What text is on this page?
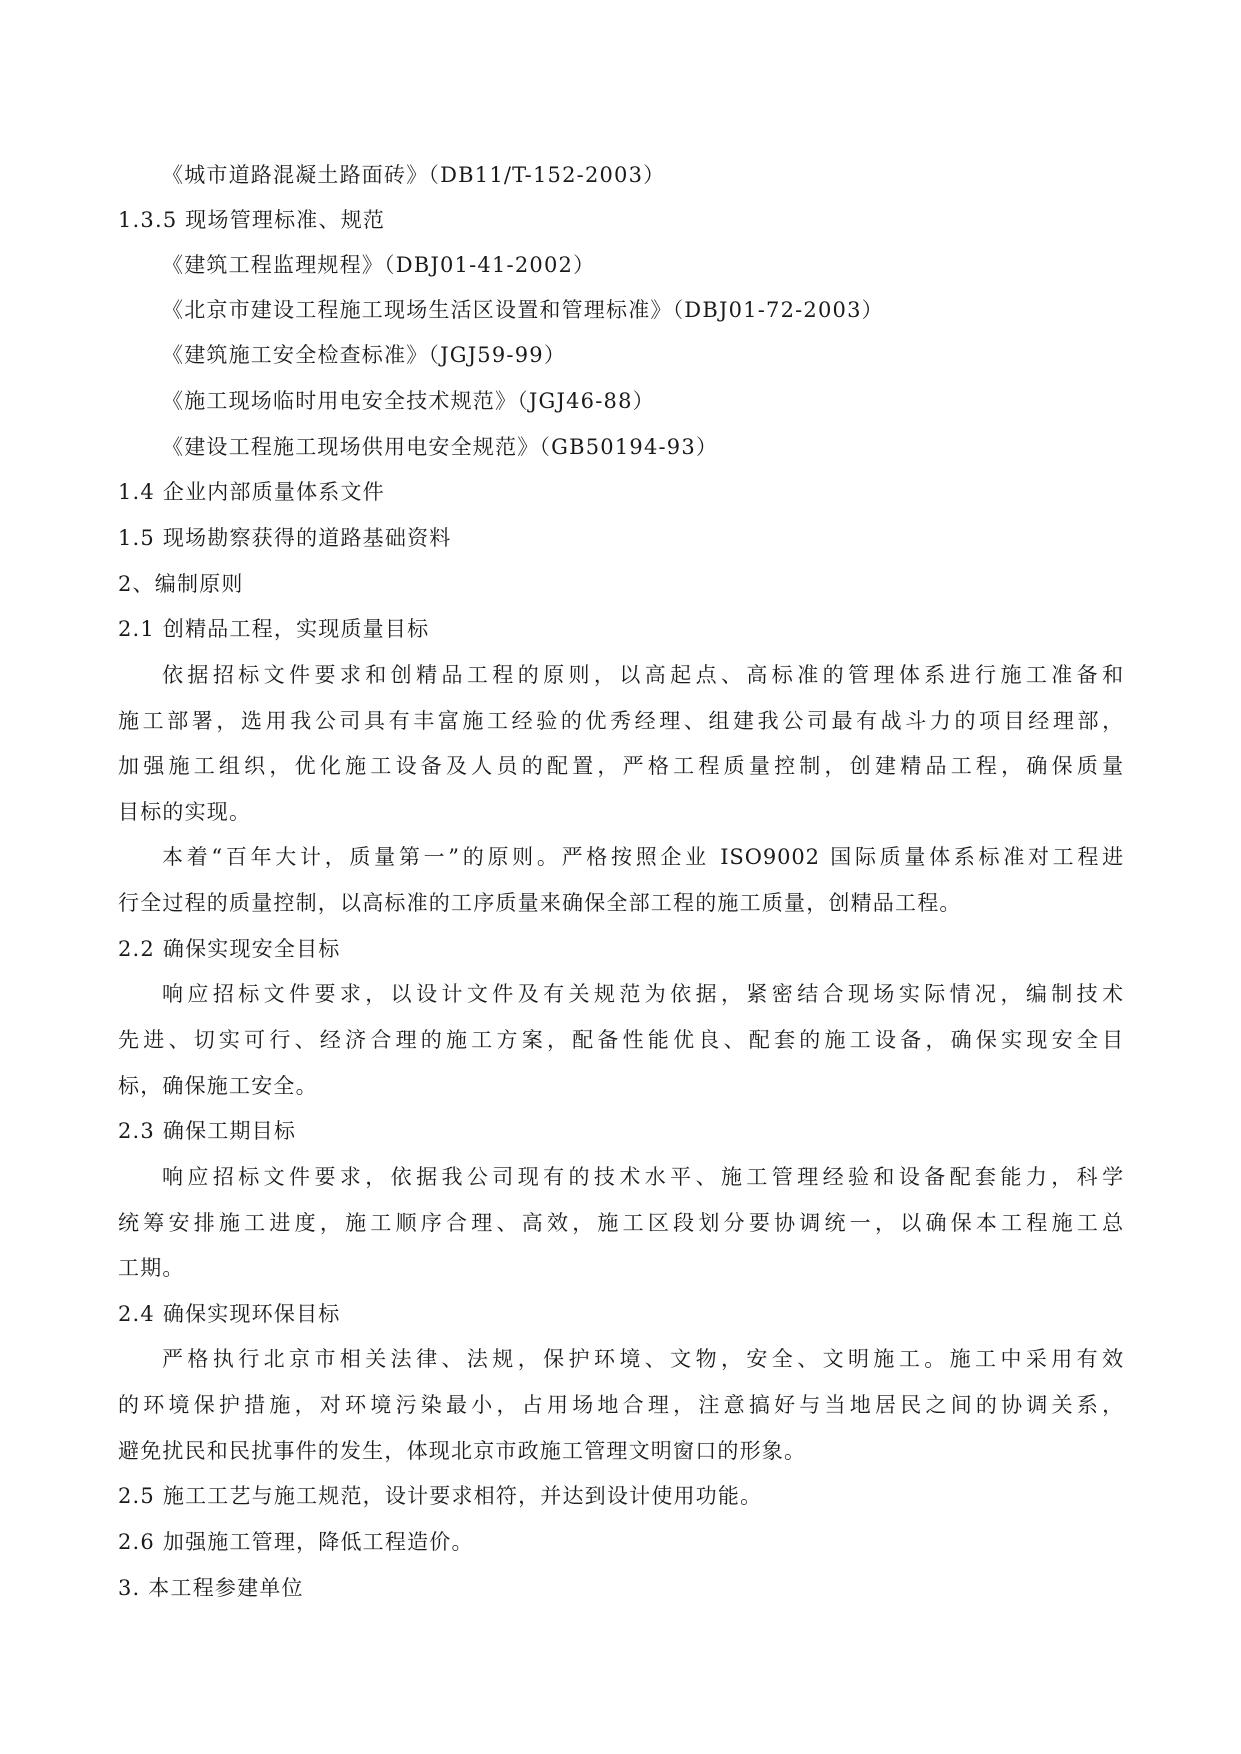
《城市道路混凝土路面砖》（DB11/T-152-2003）
1.3.5 现场管理标准、规范
《建筑工程监理规程》（DBJ01-41-2002）
《北京市建设工程施工现场生活区设置和管理标准》（DBJ01-72-2003）
《建筑施工安全检查标准》（JGJ59-99）
《施工现场临时用电安全技术规范》（JGJ46-88）
《建设工程施工现场供用电安全规范》（GB50194-93）
1.4 企业内部质量体系文件
1.5 现场勘察获得的道路基础资料
2、编制原则
2.1 创精品工程，实现质量目标
依据招标文件要求和创精品工程的原则，以高起点、高标准的管理体系进行施工准备和
施工部署，选用我公司具有丰富施工经验的优秀经理、组建我公司最有战斗力的项目经理部，
加强施工组织，优化施工设备及人员的配置，严格工程质量控制，创建精品工程，确保质量
目标的实现。
本着“百年大计，质量第一”的原则。严格按照企业 ISO9002 国际质量体系标准对工程进
行全过程的质量控制，以高标准的工序质量来确保全部工程的施工质量，创精品工程。
2.2 确保实现安全目标
响应招标文件要求，以设计文件及有关规范为依据，紧密结合现场实际情况，编制技术
先进、切实可行、经济合理的施工方案，配备性能优良、配套的施工设备，确保实现安全目
标，确保施工安全。
2.3 确保工期目标
响应招标文件要求，依据我公司现有的技术水平、施工管理经验和设备配套能力，科学
统筹安排施工进度，施工顺序合理、高效，施工区段划分要协调统一，以确保本工程施工总
工期。
2.4 确保实现环保目标
严格执行北京市相关法律、法规，保护环境、文物，安全、文明施工。施工中采用有效
的环境保护措施，对环境污染最小，占用场地合理，注意搞好与当地居民之间的协调关系，
避免扰民和民扰事件的发生，体现北京市政施工管理文明窗口的形象。
2.5 施工工艺与施工规范，设计要求相符，并达到设计使用功能。
2.6 加强施工管理，降低工程造价。
3. 本工程参建单位
